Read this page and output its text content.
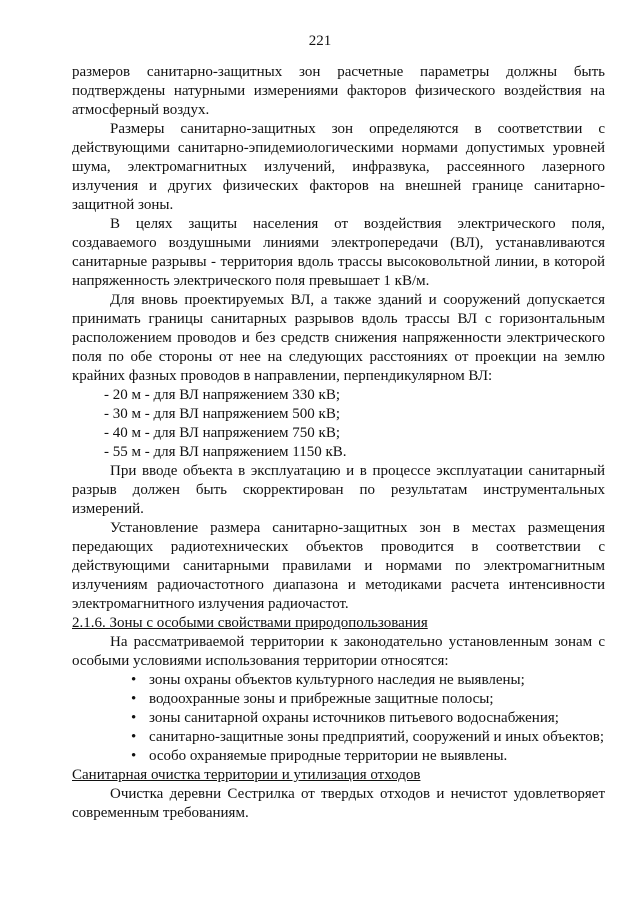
221

размеров санитарно-защитных зон расчетные параметры должны быть подтверждены натурными измерениями факторов физического воздействия на атмосферный воздух.

Размеры санитарно-защитных зон определяются в соответствии с действующими санитарно-эпидемиологическими нормами допустимых уровней шума, электромагнитных излучений, инфразвука, рассеянного лазерного излучения и других физических факторов на внешней границе санитарно-защитной зоны.

В целях защиты населения от воздействия электрического поля, создаваемого воздушными линиями электропередачи (ВЛ), устанавливаются санитарные разрывы - территория вдоль трассы высоковольтной линии, в которой напряженность электрического поля превышает 1 кВ/м.

Для вновь проектируемых ВЛ, а также зданий и сооружений допускается принимать границы санитарных разрывов вдоль трассы ВЛ с горизонтальным расположением проводов и без средств снижения напряженности электрического поля по обе стороны от нее на следующих расстояниях от проекции на землю крайних фазных проводов в направлении, перпендикулярном ВЛ:

- 20 м - для ВЛ напряжением 330 кВ;
- 30 м - для ВЛ напряжением 500 кВ;
- 40 м - для ВЛ напряжением 750 кВ;
- 55 м - для ВЛ напряжением 1150 кВ.

При вводе объекта в эксплуатацию и в процессе эксплуатации санитарный разрыв должен быть скорректирован по результатам инструментальных измерений.

Установление размера санитарно-защитных зон в местах размещения передающих радиотехнических объектов проводится в соответствии с действующими санитарными правилами и нормами по электромагнитным излучениям радиочастотного диапазона и методиками расчета интенсивности электромагнитного излучения радиочастот.

2.1.6. Зоны с особыми свойствами природопользования

На рассматриваемой территории к законодательно установленным зонам с особыми условиями использования территории относятся:

• зоны охраны объектов культурного наследия не выявлены;
• водоохранные зоны и прибрежные защитные полосы;
• зоны санитарной охраны источников питьевого водоснабжения;
• санитарно-защитные зоны предприятий, сооружений и иных объектов;
• особо охраняемые природные территории не выявлены.

Санитарная очистка территории и утилизация отходов

Очистка деревни Сестрилка от твердых отходов и нечистот удовлетворяет современным требованиям.
